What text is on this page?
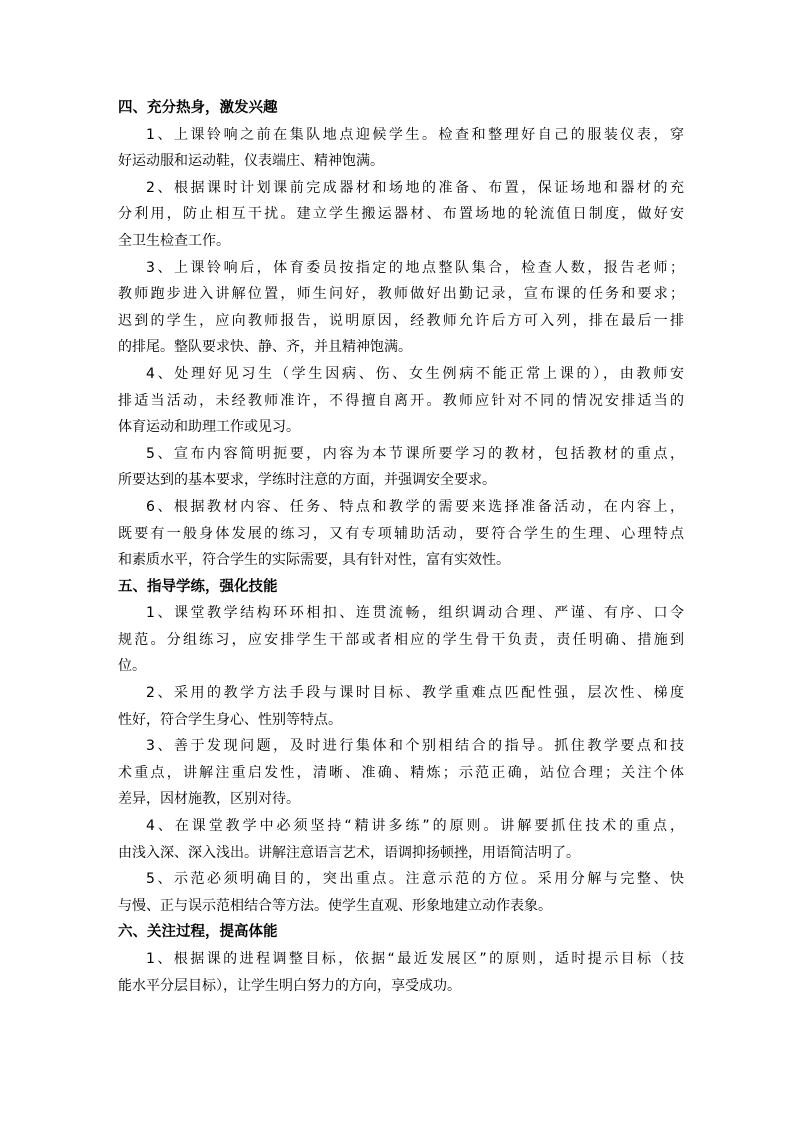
四、充分热身，激发兴趣
1、上课铃响之前在集队地点迎候学生。检查和整理好自己的服装仪表，穿
好运动服和运动鞋，仪表端庄、精神饱满。
2、根据课时计划课前完成器材和场地的准备、布置，保证场地和器材的充
分利用，防止相互干扰。建立学生搬运器材、布置场地的轮流值日制度，做好安
全卫生检查工作。
3、上课铃响后，体育委员按指定的地点整队集合，检查人数，报告老师；
教师跑步进入讲解位置，师生问好，教师做好出勤记录，宣布课的任务和要求；
迟到的学生，应向教师报告，说明原因，经教师允许后方可入列，排在最后一排
的排尾。整队要求快、静、齐，并且精神饱满。
4、处理好见习生（学生因病、伤、女生例病不能正常上课的），由教师安
排适当活动，未经教师准许，不得擅自离开。教师应针对不同的情况安排适当的
体育运动和助理工作或见习。
5、宣布内容简明扼要，内容为本节课所要学习的教材，包括教材的重点，
所要达到的基本要求，学练时注意的方面，并强调安全要求。
6、根据教材内容、任务、特点和教学的需要来选择准备活动，在内容上，
既要有一般身体发展的练习，又有专项辅助活动，要符合学生的生理、心理特点
和素质水平，符合学生的实际需要，具有针对性，富有实效性。
五、指导学练，强化技能
1、课堂教学结构环环相扣、连贯流畅，组织调动合理、严谨、有序、口令
规范。分组练习，应安排学生干部或者相应的学生骨干负责，责任明确、措施到
位。
2、采用的教学方法手段与课时目标、教学重难点匹配性强，层次性、梯度
性好，符合学生身心、性别等特点。
3、善于发现问题，及时进行集体和个别相结合的指导。抓住教学要点和技
术重点，讲解注重启发性，清晰、准确、精炼；示范正确，站位合理；关注个体
差异，因材施教，区别对待。
4、在课堂教学中必须坚持“精讲多练”的原则。讲解要抓住技术的重点，
由浅入深、深入浅出。讲解注意语言艺术，语调抑扬顿挫，用语简洁明了。
5、示范必须明确目的，突出重点。注意示范的方位。采用分解与完整、快
与慢、正与误示范相结合等方法。使学生直观、形象地建立动作表象。
六、关注过程，提高体能
1、根据课的进程调整目标，依据“最近发展区”的原则，适时提示目标（技
能水平分层目标），让学生明白努力的方向，享受成功。
